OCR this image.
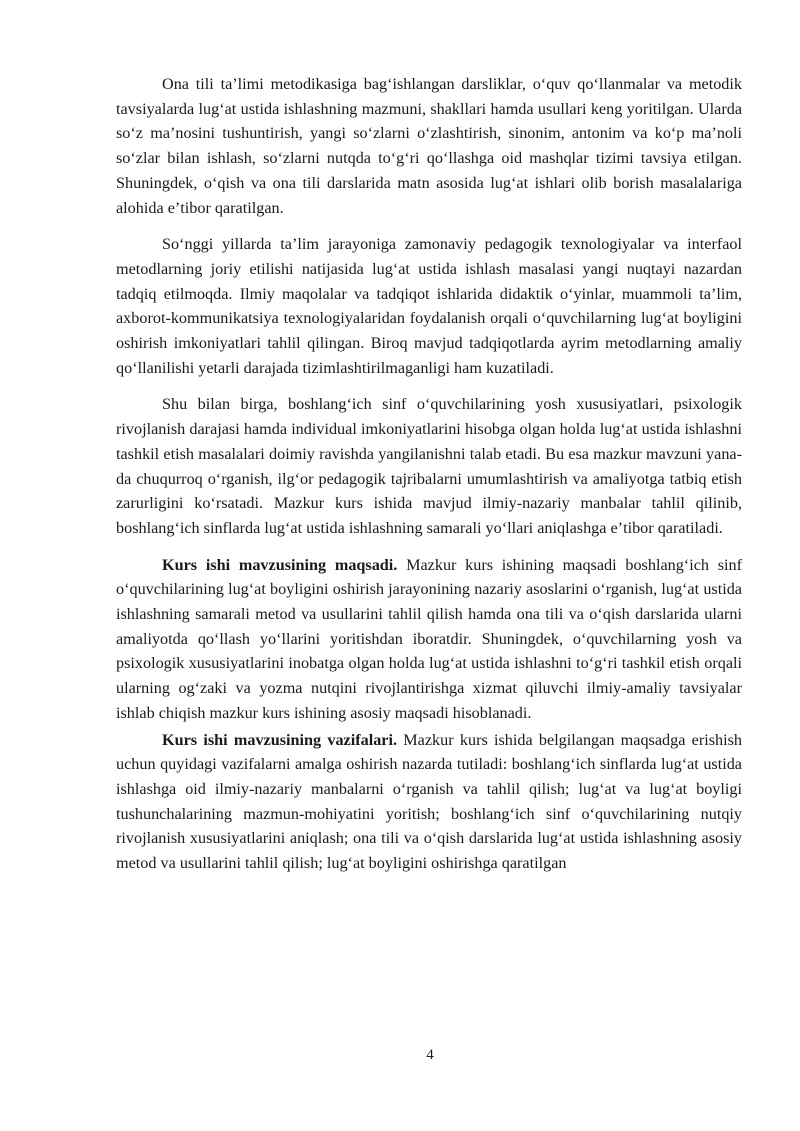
Ona tili taʼlimi metodikasiga bagʻishlangan darsliklar, oʻquv qoʻllanmalar va metodik tavsiyalarda lugʻat ustida ishlashning mazmuni, shakllari hamda usullari keng yoritilgan. Ularda soʻz maʼnosini tushuntirish, yangi soʻzlarni oʻzlashtirish, sinonim, antonim va koʻp maʼnoli soʻzlar bilan ishlash, soʻzlarni nutqda toʻgʻri qoʻllashga oid mashqlar tizimi tavsiya etilgan. Shuningdek, oʻqish va ona tili darslarida matn asosida lugʻat ishlari olib borish masalalariga alohida eʼtibor qaratilgan.

Soʻnggi yillarda taʼlim jarayoniga zamonaviy pedagogik texnologiyalar va interfaol metodlarning joriy etilishi natijasida lugʻat ustida ishlash masalasi yangi nuqtayi nazardan tadqiq etilmoqda. Ilmiy maqolalar va tadqiqot ishlarida didaktik oʻyinlar, muammoli taʼlim, axborot-kommunikatsiya texnologiyalaridan foydalanish orqali oʻquvchilarning lugʻat boyligini oshirish imkoniyatlari tahlil qilingan. Biroq mavjud tadqiqotlarda ayrim metodlarning amaliy qoʻllanilishi yetarli darajada tizimlashtirilmaganligi ham kuzatiladi.

Shu bilan birga, boshlangʻich sinf oʻquvchilarining yosh xususiyatlari, psixologik rivojlanish darajasi hamda individual imkoniyatlarini hisobga olgan holda lugʻat ustida ishlashni tashkil etish masalalari doimiy ravishda yangilanishni talab etadi. Bu esa mazkur mavzuni yana-da chuqurroq oʻrganish, ilgʻor pedagogik tajribalarni umumlashtirish va amaliyotga tatbiq etish zarurligini koʻrsatadi. Mazkur kurs ishida mavjud ilmiy-nazariy manbalar tahlil qilinib, boshlangʻich sinflarda lugʻat ustida ishlashning samarali yoʻllari aniqlashga eʼtibor qaratiladi.

Kurs ishi mavzusining maqsadi. Mazkur kurs ishining maqsadi boshlangʻich sinf oʻquvchilarining lugʻat boyligini oshirish jarayonining nazariy asoslarini oʻrganish, lugʻat ustida ishlashning samarali metod va usullarini tahlil qilish hamda ona tili va oʻqish darslarida ularni amaliyotda qoʻllash yoʻllarini yoritishdan iboratdir. Shuningdek, oʻquvchilarning yosh va psixologik xususiyatlarini inobatga olgan holda lugʻat ustida ishlashni toʻgʻri tashkil etish orqali ularning ogʻzaki va yozma nutqini rivojlantirishga xizmat qiluvchi ilmiy-amaliy tavsiyalar ishlab chiqish mazkur kurs ishining asosiy maqsadi hisoblanadi.

Kurs ishi mavzusining vazifalari. Mazkur kurs ishida belgilangan maqsadga erishish uchun quyidagi vazifalarni amalga oshirish nazarda tutiladi: boshlangʻich sinflarda lugʻat ustida ishlashga oid ilmiy-nazariy manbalarni oʻrganish va tahlil qilish; lugʻat va lugʻat boyligi tushunchalarining mazmun-mohiyatini yoritish; boshlangʻich sinf oʻquvchilarining nutqiy rivojlanish xususiyatlarini aniqlash; ona tili va oʻqish darslarida lugʻat ustida ishlashning asosiy metod va usullarini tahlil qilish; lugʻat boyligini oshirishga qaratilgan

4
